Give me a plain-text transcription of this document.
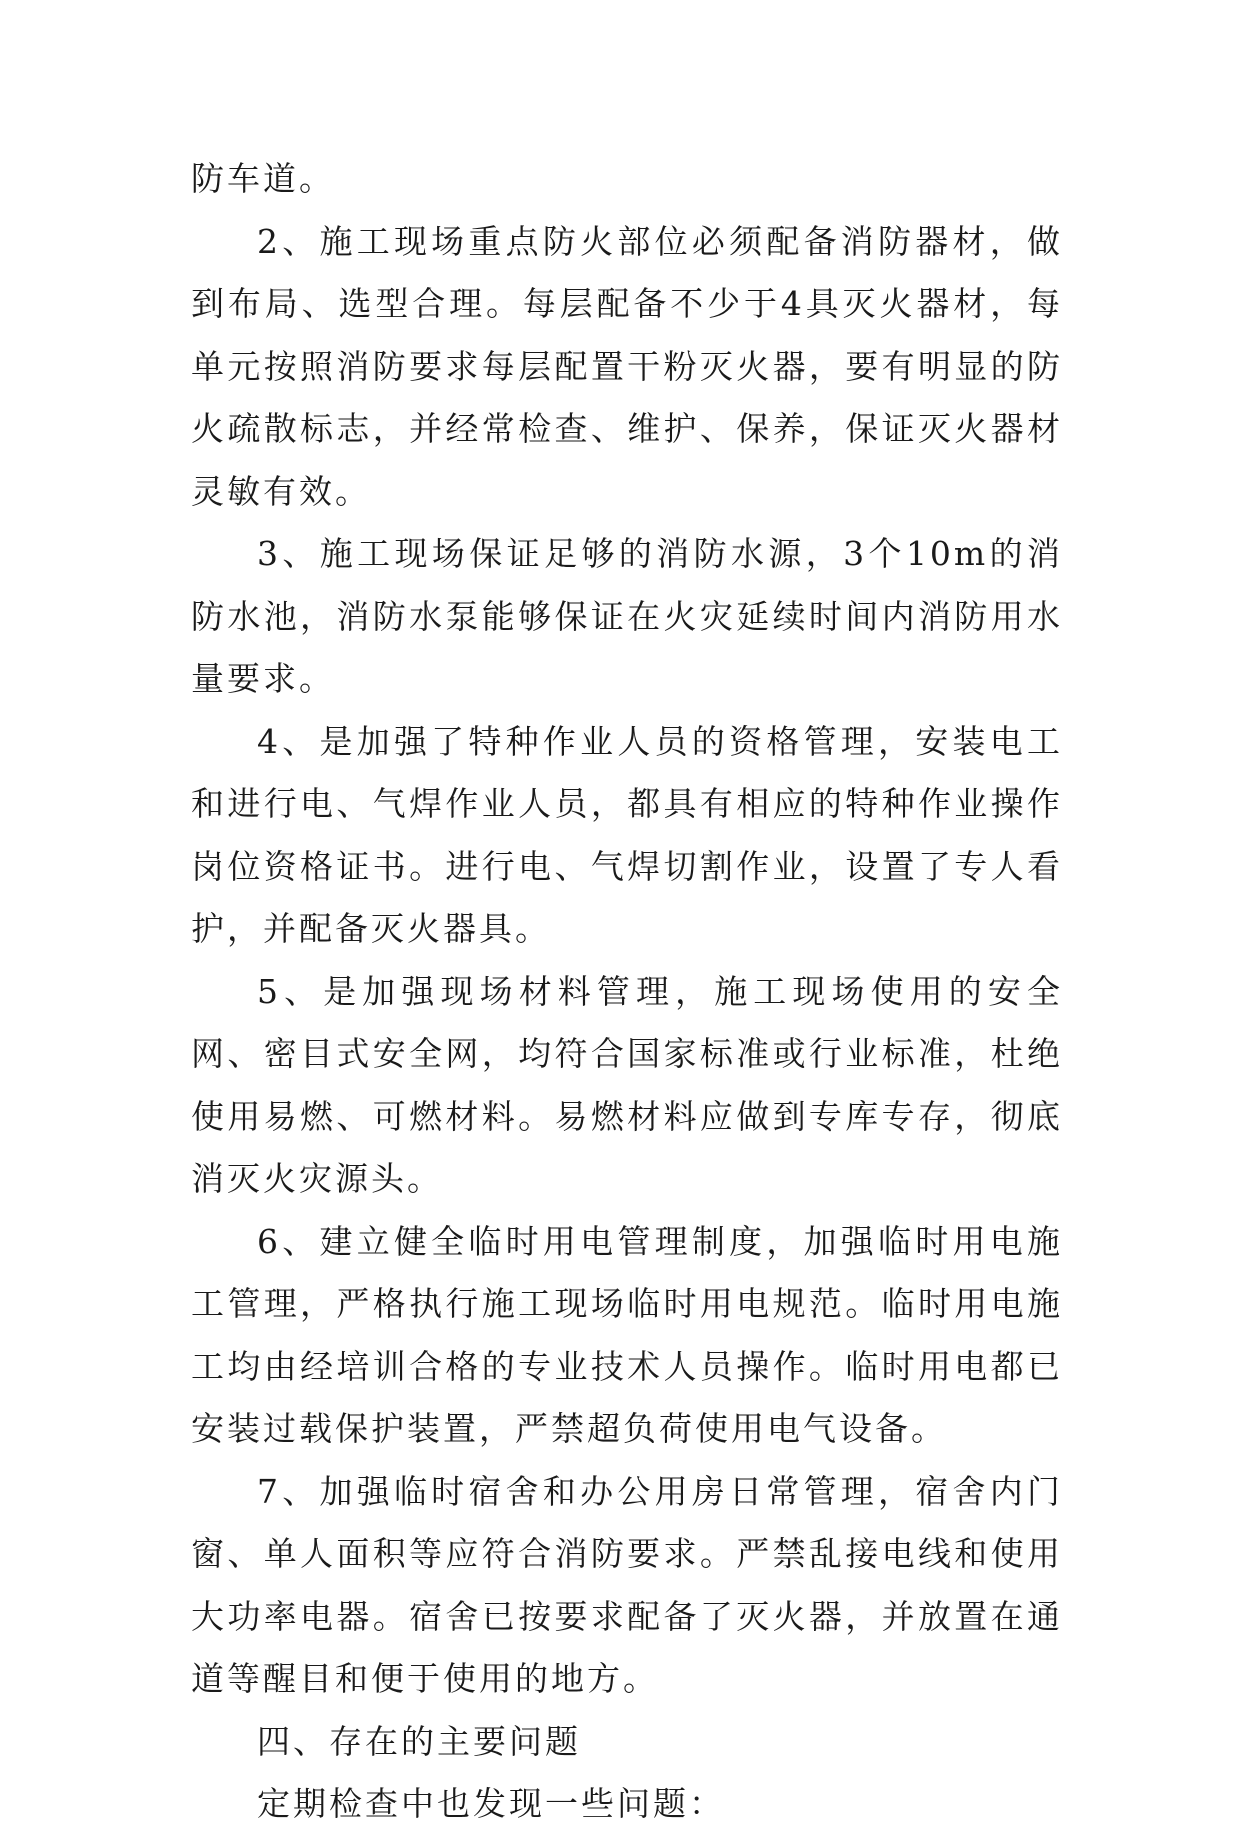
防车道。

2、施工现场重点防火部位必须配备消防器材，做到布局、选型合理。每层配备不少于4具灭火器材，每单元按照消防要求每层配置干粉灭火器，要有明显的防火疏散标志，并经常检查、维护、保养，保证灭火器材灵敏有效。

3、施工现场保证足够的消防水源，3个10m的消防水池，消防水泵能够保证在火灾延续时间内消防用水量要求。

4、是加强了特种作业人员的资格管理，安装电工和进行电、气焊作业人员，都具有相应的特种作业操作岗位资格证书。进行电、气焊切割作业，设置了专人看护，并配备灭火器具。

5、是加强现场材料管理，施工现场使用的安全网、密目式安全网，均符合国家标准或行业标准，杜绝使用易燃、可燃材料。易燃材料应做到专库专存，彻底消灭火灾源头。

6、建立健全临时用电管理制度，加强临时用电施工管理，严格执行施工现场临时用电规范。临时用电施工均由经培训合格的专业技术人员操作。临时用电都已安装过载保护装置，严禁超负荷使用电气设备。

7、加强临时宿舍和办公用房日常管理，宿舍内门窗、单人面积等应符合消防要求。严禁乱接电线和使用大功率电器。宿舍已按要求配备了灭火器，并放置在通道等醒目和便于使用的地方。

四、存在的主要问题

定期检查中也发现一些问题：
